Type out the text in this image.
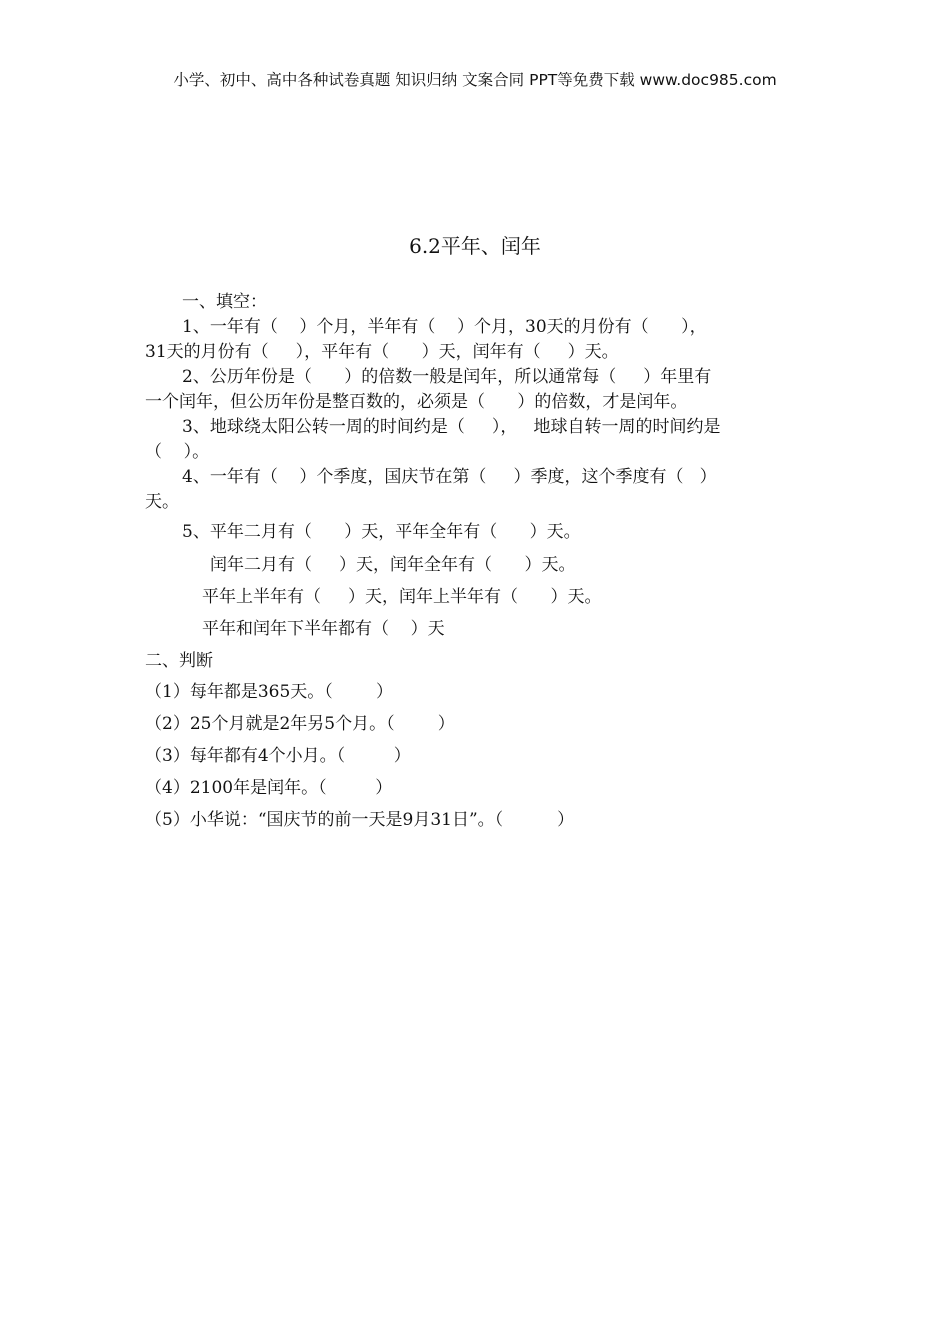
小学、初中、高中各种试卷真题 知识归纳 文案合同 PPT等免费下载 www.doc985.com
6.2平年、闰年
一、填空：
1、一年有（    ）个月，半年有（    ）个月，30天的月份有（      ），
31天的月份有（     ），平年有（      ）天，闰年有（     ）天。
2、公历年份是（      ）的倍数一般是闰年，所以通常每（     ）年里有
一个闰年，但公历年份是整百数的，必须是（      ）的倍数，才是闰年。
3、地球绕太阳公转一周的时间约是（     ），   地球自转一周的时间约是
（    ）。
4、一年有（    ）个季度，国庆节在第（     ）季度，这个季度有（   ）
天。
5、平年二月有（      ）天，平年全年有（      ）天。
闰年二月有（     ）天，闰年全年有（      ）天。
平年上半年有（     ）天，闰年上半年有（      ）天。
平年和闰年下半年都有（    ）天
二、判断
（1）每年都是365天。（        ）
（2）25个月就是2年另5个月。（        ）
（3）每年都有4个小月。（         ）
（4）2100年是闰年。（         ）
（5）小华说：“国庆节的前一天是9月31日”。（          ）
